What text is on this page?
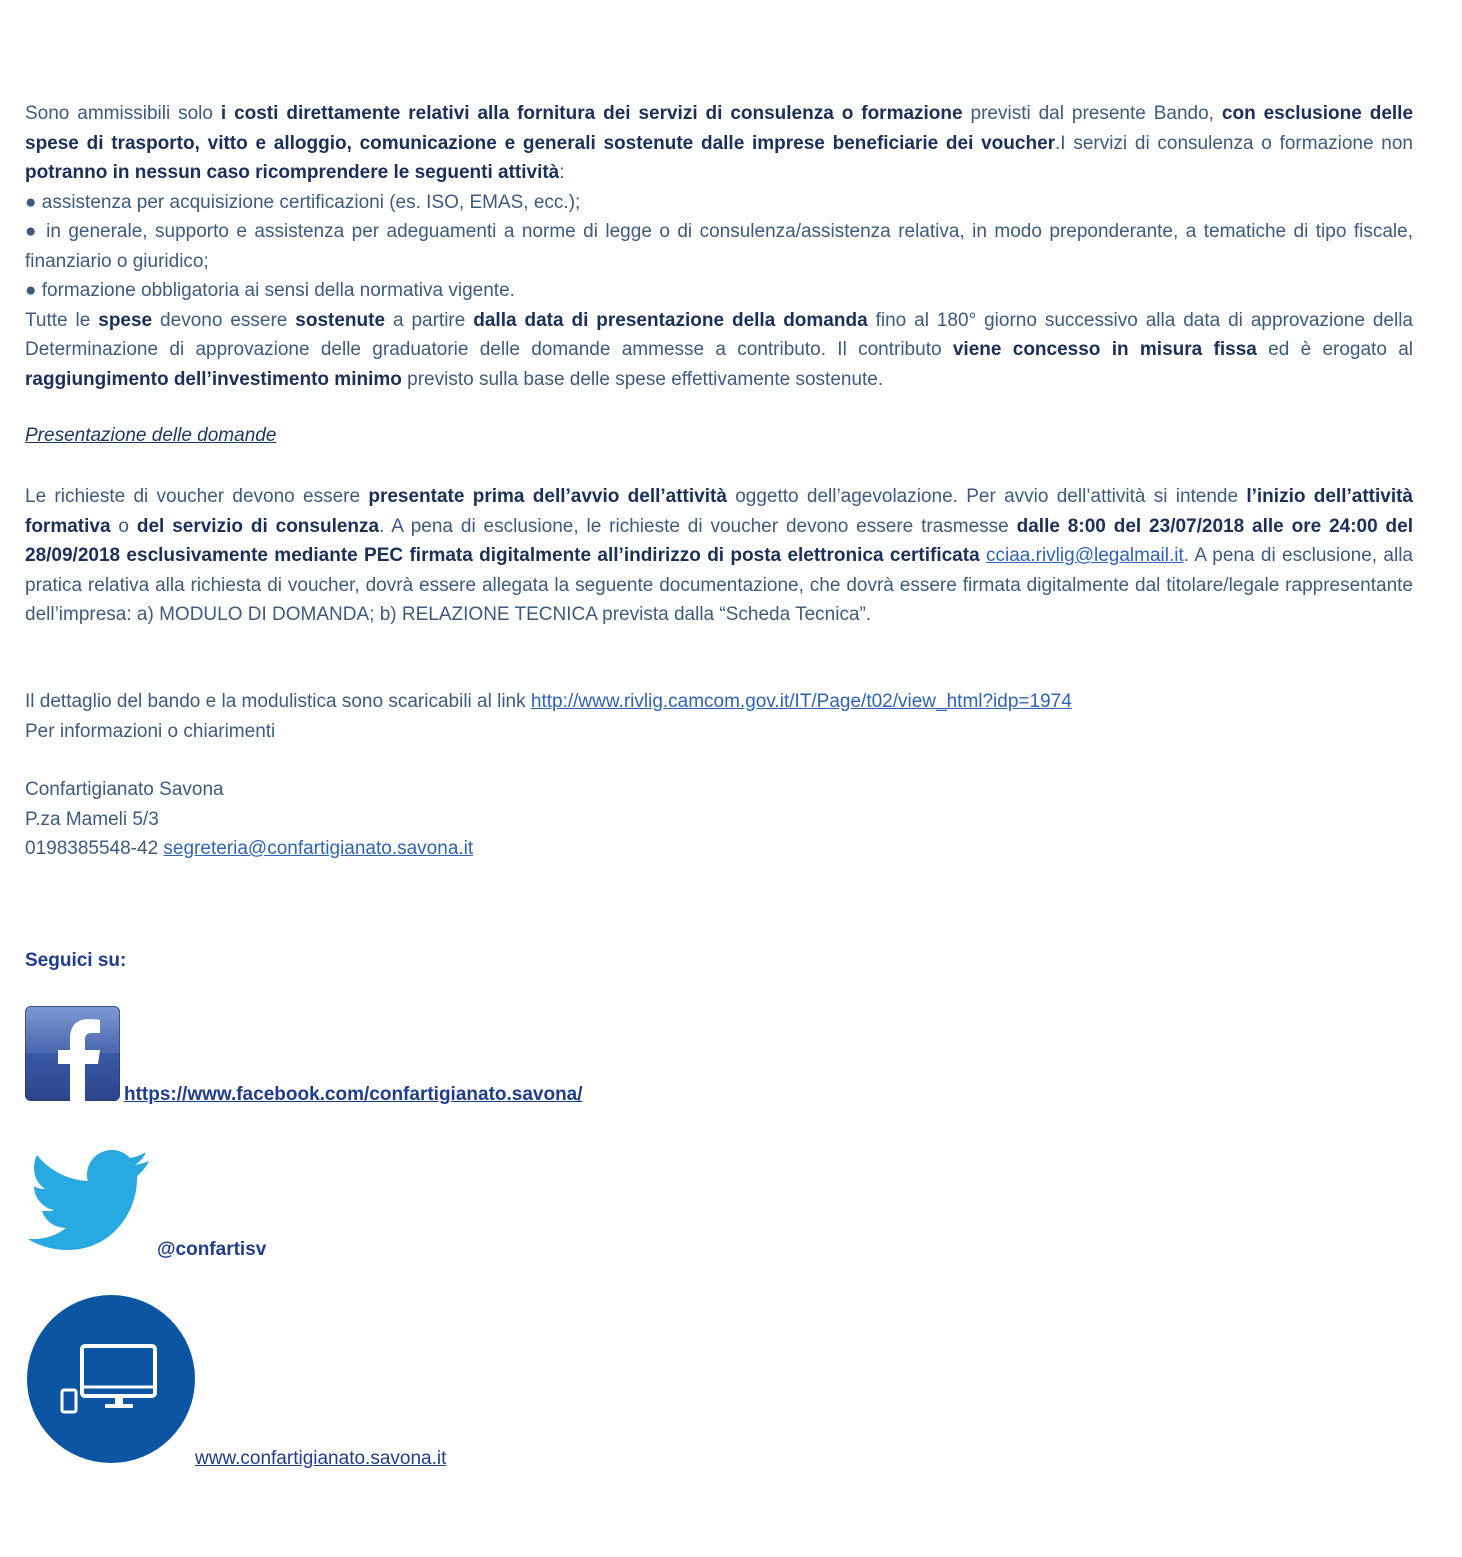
Sono ammissibili solo i costi direttamente relativi alla fornitura dei servizi di consulenza o formazione previsti dal presente Bando, con esclusione delle spese di trasporto, vitto e alloggio, comunicazione e generali sostenute dalle imprese beneficiarie dei voucher.I servizi di consulenza o formazione non potranno in nessun caso ricomprendere le seguenti attività:
● assistenza per acquisizione certificazioni (es. ISO, EMAS, ecc.);
● in generale, supporto e assistenza per adeguamenti a norme di legge o di consulenza/assistenza relativa, in modo preponderante, a tematiche di tipo fiscale, finanziario o giuridico;
● formazione obbligatoria ai sensi della normativa vigente.
Tutte le spese devono essere sostenute a partire dalla data di presentazione della domanda fino al 180° giorno successivo alla data di approvazione della Determinazione di approvazione delle graduatorie delle domande ammesse a contributo. Il contributo viene concesso in misura fissa ed è erogato al raggiungimento dell’investimento minimo previsto sulla base delle spese effettivamente sostenute.

Presentazione delle domande

Le richieste di voucher devono essere presentate prima dell’avvio dell’attività oggetto dell’agevolazione. Per avvio dell’attività si intende l’inizio dell’attività formativa o del servizio di consulenza. A pena di esclusione, le richieste di voucher devono essere trasmesse dalle 8:00 del 23/07/2018 alle ore 24:00 del 28/09/2018 esclusivamente mediante PEC firmata digitalmente all’indirizzo di posta elettronica certificata cciaa.rivlig@legalmail.it. A pena di esclusione, alla pratica relativa alla richiesta di voucher, dovrà essere allegata la seguente documentazione, che dovrà essere firmata digitalmente dal titolare/legale rappresentante dell’impresa: a) MODULO DI DOMANDA; b) RELAZIONE TECNICA prevista dalla “Scheda Tecnica”.

Il dettaglio del bando e la modulistica sono scaricabili al link http://www.rivlig.camcom.gov.it/IT/Page/t02/view_html?idp=1974
Per informazioni o chiarimenti

Confartigianato Savona
P.za Mameli 5/3
0198385548-42 segreteria@confartigianato.savona.it

Seguici su:
https://www.facebook.com/confartigianato.savona/
@confartisv
www.confartigianato.savona.it
